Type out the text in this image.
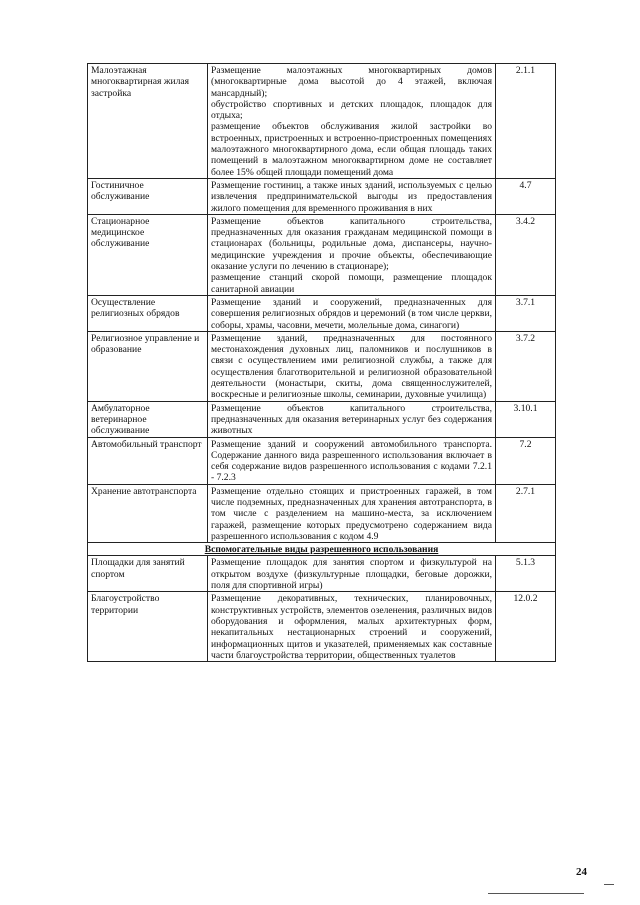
Малоэтажная многоквартирная жилая застройка	Размещение малоэтажных многоквартирных домов (многоквартирные дома высотой до 4 этажей, включая мансардный);
обустройство спортивных и детских площадок, площадок для отдыха;
размещение объектов обслуживания жилой застройки во встроенных, пристроенных и встроенно-пристроенных помещениях малоэтажного многоквартирного дома, если общая площадь таких помещений в малоэтажном многоквартирном доме не составляет более 15% общей площади помещений дома	2.1.1
Гостиничное обслуживание	Размещение гостиниц, а также иных зданий, используемых с целью извлечения предпринимательской выгоды из предоставления жилого помещения для временного проживания в них	4.7
Стационарное медицинское обслуживание	Размещение объектов капитального строительства, предназначенных для оказания гражданам медицинской помощи в стационарах (больницы, родильные дома, диспансеры, научно-медицинские учреждения и прочие объекты, обеспечивающие оказание услуги по лечению в стационаре);
размещение станций скорой помощи, размещение площадок санитарной авиации	3.4.2
Осуществление религиозных обрядов	Размещение зданий и сооружений, предназначенных для совершения религиозных обрядов и церемоний (в том числе церкви, соборы, храмы, часовни, мечети, молельные дома, синагоги)	3.7.1
Религиозное управление и образование	Размещение зданий, предназначенных для постоянного местонахождения духовных лиц, паломников и послушников в связи с осуществлением ими религиозной службы, а также для осуществления благотворительной и религиозной образовательной деятельности (монастыри, скиты, дома священнослужителей, воскресные и религиозные школы, семинарии, духовные училища)	3.7.2
Амбулаторное ветеринарное обслуживание	Размещение объектов капитального строительства, предназначенных для оказания ветеринарных услуг без содержания животных	3.10.1
Автомобильный транспорт	Размещение зданий и сооружений автомобильного транспорта. Содержание данного вида разрешенного использования включает в себя содержание видов разрешенного использования с кодами 7.2.1 - 7.2.3	7.2
Хранение автотранспорта	Размещение отдельно стоящих и пристроенных гаражей, в том числе подземных, предназначенных для хранения автотранспорта, в том числе с разделением на машино-места, за исключением гаражей, размещение которых предусмотрено содержанием вида разрешенного использования с кодом 4.9	2.7.1
Вспомогательные виды разрешенного использования		
Площадки для занятий спортом	Размещение площадок для занятия спортом и физкультурой на открытом воздухе (физкультурные площадки, беговые дорожки, поля для спортивной игры)	5.1.3
Благоустройство территории	Размещение декоративных, технических, планировочных, конструктивных устройств, элементов озеленения, различных видов оборудования и оформления, малых архитектурных форм, некапитальных нестационарных строений и сооружений, информационных щитов и указателей, применяемых как составные части благоустройства территории, общественных туалетов	12.0.2
24
